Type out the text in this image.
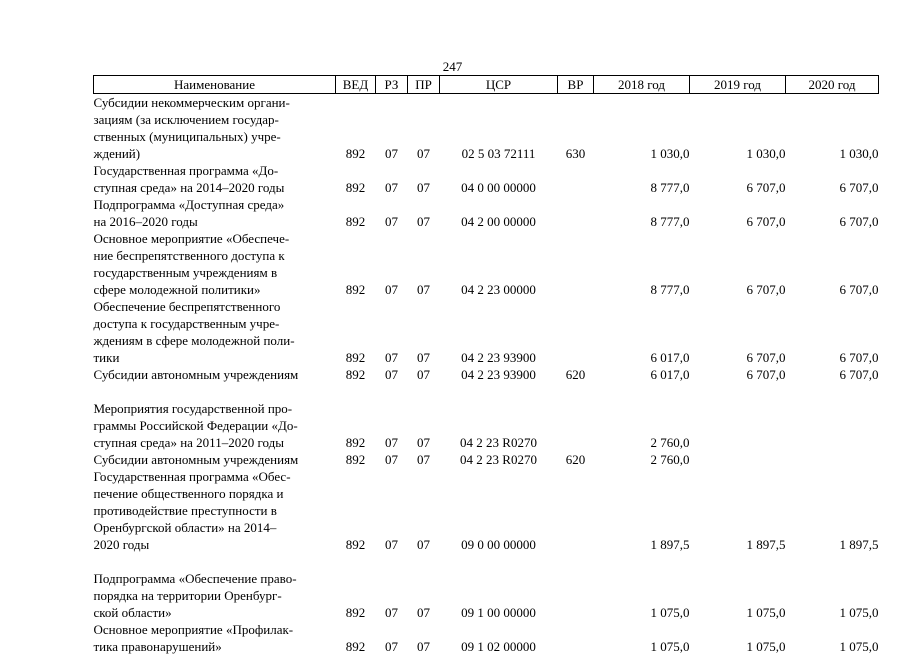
247
Наименование	ВЕД	РЗ	ПР	ЦСР	ВР	2018 год	2019 год	2020 год
Субсидии некоммерческим органи-
зациям (за исключением государ-
ственных (муниципальных) учре-
ждений)	892	07	07	02 5 03 72111	630	1 030,0	1 030,0	1 030,0
Государственная программа «До-
ступная среда» на 2014–2020 годы	892	07	07	04 0 00 00000		8 777,0	6 707,0	6 707,0
Подпрограмма «Доступная среда»
на 2016–2020 годы	892	07	07	04 2 00 00000		8 777,0	6 707,0	6 707,0
Основное мероприятие «Обеспече-
ние беспрепятственного доступа к
государственным учреждениям в
сфере молодежной политики»	892	07	07	04 2 23 00000		8 777,0	6 707,0	6 707,0
Обеспечение беспрепятственного
доступа к государственным учре-
ждениям в сфере молодежной поли-
тики	892	07	07	04 2 23 93900		6 017,0	6 707,0	6 707,0
Субсидии автономным учреждениям	892	07	07	04 2 23 93900	620	6 017,0	6 707,0	6 707,0
Мероприятия государственной про-
граммы Российской Федерации «До-
ступная среда» на 2011–2020 годы	892	07	07	04 2 23 R0270		2 760,0		
Субсидии автономным учреждениям	892	07	07	04 2 23 R0270	620	2 760,0		
Государственная программа «Обес-
печение общественного порядка и
противодействие преступности в
Оренбургской области» на 2014–
2020 годы	892	07	07	09 0 00 00000		1 897,5	1 897,5	1 897,5
Подпрограмма «Обеспечение право-
порядка на территории Оренбург-
ской области»	892	07	07	09 1 00 00000		1 075,0	1 075,0	1 075,0
Основное мероприятие «Профилак-
тика правонарушений»	892	07	07	09 1 02 00000		1 075,0	1 075,0	1 075,0
